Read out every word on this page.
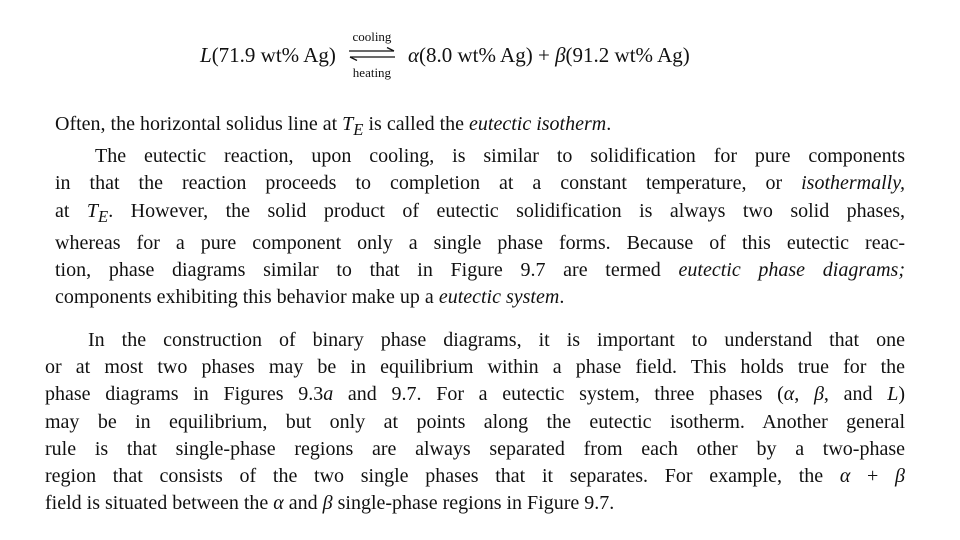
L(71.9 wt% Ag)
cooling
heating
α(8.0 wt% Ag) + β(91.2 wt% Ag)
Often, the horizontal solidus line at $T_E$ is called the eutectic isotherm.
The eutectic reaction, upon cooling, is similar to solidification for pure components
in that the reaction proceeds to completion at a constant temperature, or isothermally,
at $T_E$. However, the solid product of eutectic solidification is always two solid phases,
whereas for a pure component only a single phase forms. Because of this eutectic reac-
tion, phase diagrams similar to that in Figure 9.7 are termed eutectic phase diagrams;
components exhibiting this behavior make up a eutectic system.
In the construction of binary phase diagrams, it is important to understand that one
or at most two phases may be in equilibrium within a phase field. This holds true for the
phase diagrams in Figures 9.3a and 9.7. For a eutectic system, three phases (α, β, and L)
may be in equilibrium, but only at points along the eutectic isotherm. Another general
rule is that single-phase regions are always separated from each other by a two-phase
region that consists of the two single phases that it separates. For example, the α + β
field is situated between the α and β single-phase regions in Figure 9.7.
